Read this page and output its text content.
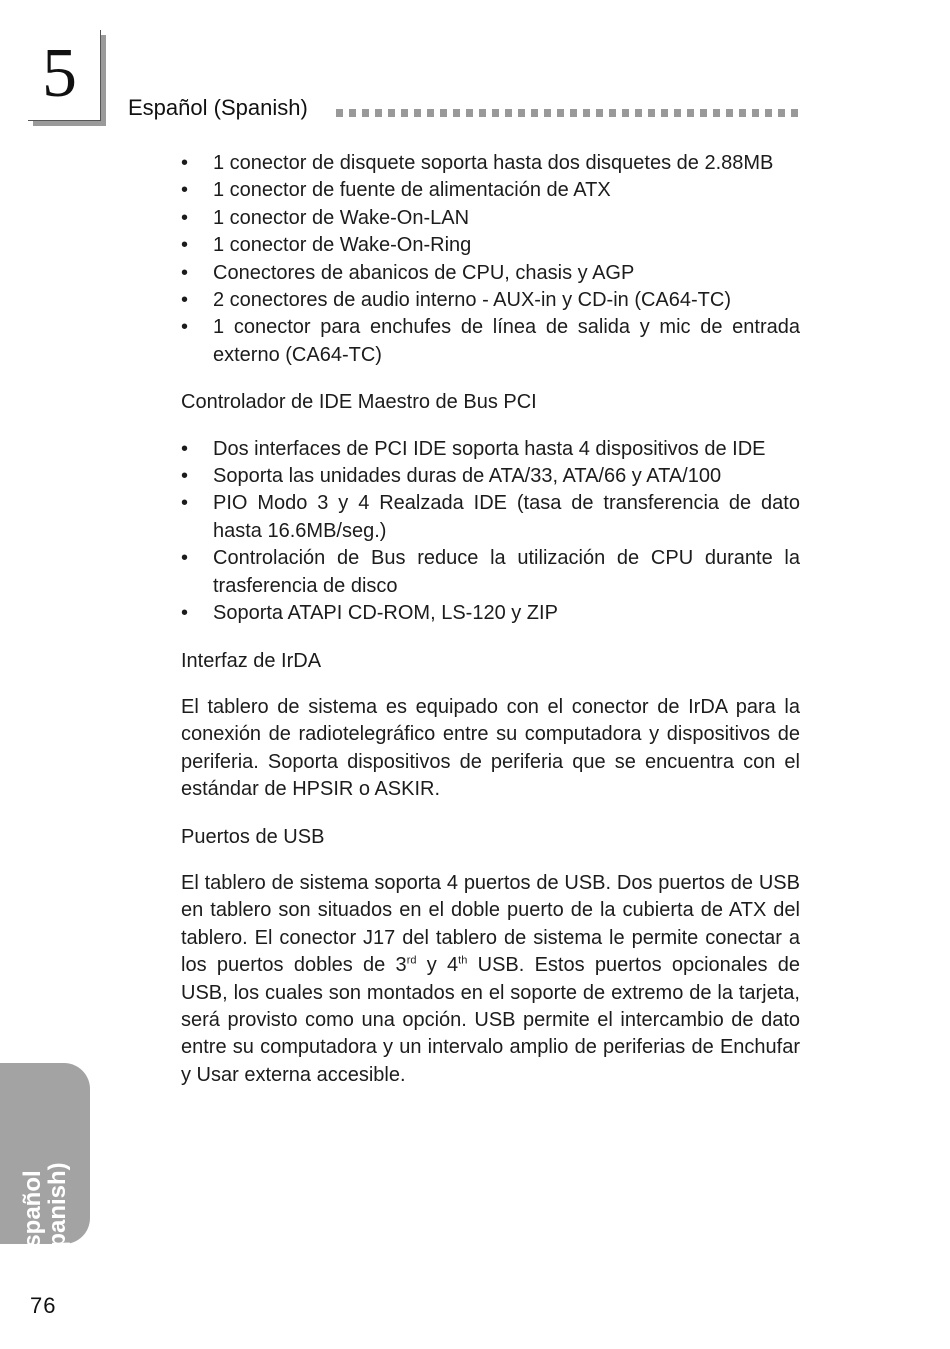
5 Español (Spanish)
•	1 conector de disquete soporta hasta dos disquetes de 2.88MB
•	1 conector de fuente de alimentación de ATX
•	1 conector de Wake-On-LAN
•	1 conector de Wake-On-Ring
•	Conectores de abanicos de CPU, chasis y AGP
•	2 conectores de audio interno - AUX-in y CD-in (CA64-TC)
•	1 conector para enchufes de línea de salida y mic de entrada externo (CA64-TC)
Controlador de IDE Maestro de Bus PCI
•	Dos interfaces de PCI IDE soporta hasta 4 dispositivos de IDE
•	Soporta las unidades duras de ATA/33, ATA/66 y ATA/100
•	PIO Modo 3 y 4 Realzada IDE (tasa de transferencia de dato hasta 16.6MB/seg.)
•	Controlación de Bus reduce la utilización de CPU durante la trasferencia de disco
•	Soporta ATAPI CD-ROM, LS-120 y ZIP
Interfaz de IrDA

El tablero de sistema es equipado con el conector de IrDA para la conexión de radiotelegráfico entre su computadora y dispositivos de periferia. Soporta dispositivos de periferia que se encuentra con el estándar de HPSIR o ASKIR.

Puertos de USB

El tablero de sistema soporta 4 puertos de USB. Dos puertos de USB en tablero son situados en el doble puerto de la cubierta de ATX del tablero. El conector J17 del tablero de sistema le permite conectar a los puertos dobles de 3rd y 4th USB. Estos puertos opcionales de USB, los cuales son montados en el soporte de extremo de la tarjeta, será provisto como una opción. USB permite el intercambio de dato entre su computadora y un intervalo amplio de periferias de Enchufar y Usar externa accesible.

Español
(Spanish)
76
